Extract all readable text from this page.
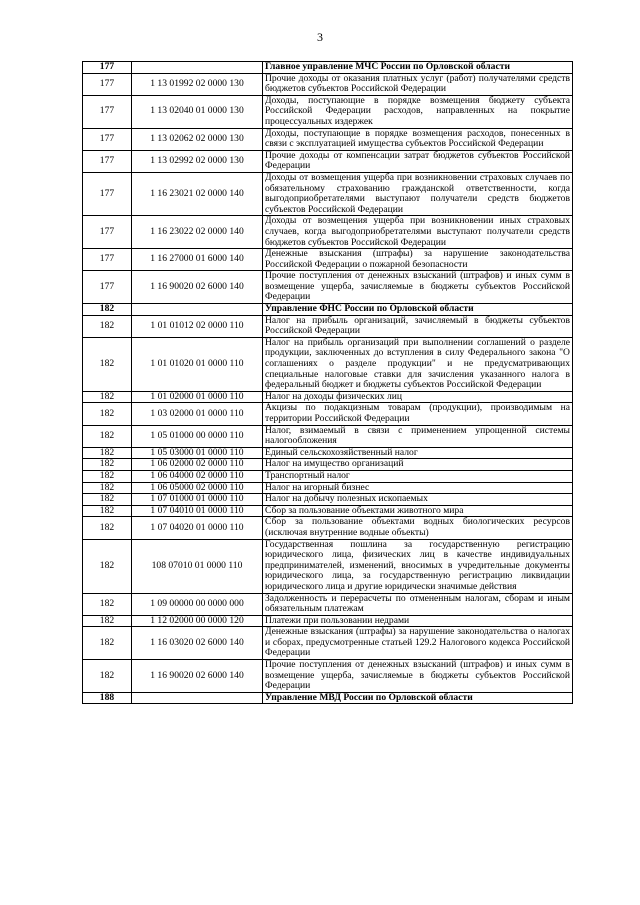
3
177		Главное управление МЧС России по Орловской области
177	1 13 01992 02 0000 130	Прочие доходы от оказания платных услуг (работ) получателями средств бюджетов субъектов Российской Федерации
177	1 13 02040 01 0000 130	Доходы, поступающие в порядке возмещения бюджету субъекта Российской Федерации расходов, направленных на покрытие процессуальных издержек
177	1 13 02062 02 0000 130	Доходы, поступающие в порядке возмещения расходов, понесенных в связи с эксплуатацией имущества субъектов Российской Федерации
177	1 13 02992 02 0000 130	Прочие доходы от компенсации затрат бюджетов субъектов Российской Федерации
177	1 16 23021 02 0000 140	Доходы от возмещения ущерба при возникновении страховых случаев по обязательному страхованию гражданской ответственности, когда выгодоприобретателями выступают получатели средств бюджетов субъектов Российской Федерации
177	1 16 23022 02 0000 140	Доходы от возмещения ущерба при возникновении иных страховых случаев, когда выгодоприобретателями выступают получатели средств бюджетов субъектов Российской Федерации
177	1 16 27000 01 6000 140	Денежные взыскания (штрафы) за нарушение законодательства Российской Федерации о пожарной безопасности
177	1 16 90020 02 6000 140	Прочие поступления от денежных взысканий (штрафов) и иных сумм в возмещение ущерба, зачисляемые в бюджеты субъектов Российской Федерации
182		Управление ФНС России по Орловской области
182	1 01 01012 02 0000 110	Налог на прибыль организаций, зачисляемый в бюджеты субъектов Российской Федерации
182	1 01 01020 01 0000 110	Налог на прибыль организаций при выполнении соглашений о разделе продукции, заключенных до вступления в силу Федерального закона "О соглашениях о разделе продукции" и не предусматривающих специальные налоговые ставки для зачисления указанного налога в федеральный бюджет и бюджеты субъектов Российской Федерации
182	1 01 02000 01 0000 110	Налог на доходы физических лиц
182	1 03 02000 01 0000 110	Акцизы по подакцизным товарам (продукции), производимым на территории Российской Федерации
182	1 05 01000 00 0000 110	Налог, взимаемый в связи с применением упрощенной системы налогообложения
182	1 05 03000 01 0000 110	Единый сельскохозяйственный налог
182	1 06 02000 02 0000 110	Налог на имущество организаций
182	1 06 04000 02 0000 110	Транспортный налог
182	1 06 05000 02 0000 110	Налог на игорный бизнес
182	1 07 01000 01 0000 110	Налог на добычу полезных ископаемых
182	1 07 04010 01 0000 110	Сбор за пользование объектами животного мира
182	1 07 04020 01 0000 110	Сбор за пользование объектами водных биологических ресурсов (исключая внутренние водные объекты)
182	108 07010 01 0000 110	Государственная пошлина за государственную регистрацию юридического лица, физических лиц в качестве индивидуальных предпринимателей, изменений, вносимых в учредительные документы юридического лица, за государственную регистрацию ликвидации юридического лица и другие юридически значимые действия
182	1 09 00000 00 0000 000	Задолженность и перерасчеты по отмененным налогам, сборам и иным обязательным платежам
182	1 12 02000 00 0000 120	Платежи при пользовании недрами
182	1 16 03020 02 6000 140	Денежные взыскания (штрафы) за нарушение законодательства о налогах и сборах, предусмотренные статьей 129.2 Налогового кодекса Российской Федерации
182	1 16 90020 02 6000 140	Прочие поступления от денежных взысканий (штрафов) и иных сумм в возмещение ущерба, зачисляемые в бюджеты субъектов Российской Федерации
188		Управление МВД России по Орловской области
